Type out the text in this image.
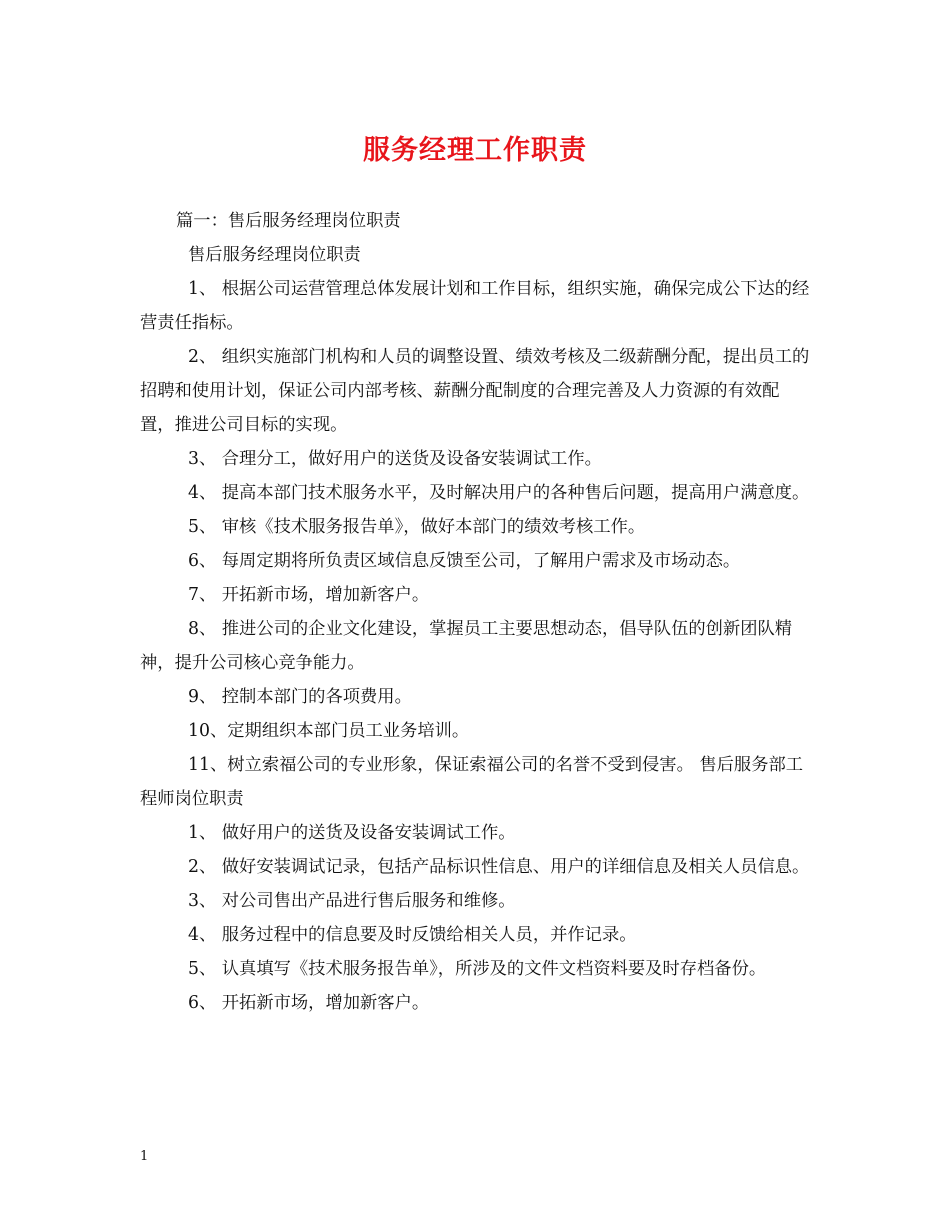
服务经理工作职责

篇一：售后服务经理岗位职责

售后服务经理岗位职责

1、 根据公司运营管理总体发展计划和工作目标，组织实施，确保完成公下达的经营责任指标。

2、 组织实施部门机构和人员的调整设置、绩效考核及二级薪酬分配，提出员工的招聘和使用计划，保证公司内部考核、薪酬分配制度的合理完善及人力资源的有效配置，推进公司目标的实现。

3、 合理分工，做好用户的送货及设备安装调试工作。

4、 提高本部门技术服务水平，及时解决用户的各种售后问题，提高用户满意度。

5、 审核《技术服务报告单》，做好本部门的绩效考核工作。

6、 每周定期将所负责区域信息反馈至公司，了解用户需求及市场动态。

7、 开拓新市场，增加新客户。

8、 推进公司的企业文化建设，掌握员工主要思想动态，倡导队伍的创新团队精神，提升公司核心竞争能力。

9、 控制本部门的各项费用。

10、定期组织本部门员工业务培训。

11、树立索福公司的专业形象，保证索福公司的名誉不受到侵害。 售后服务部工程师岗位职责

1、 做好用户的送货及设备安装调试工作。

2、 做好安装调试记录，包括产品标识性信息、用户的详细信息及相关人员信息。

3、 对公司售出产品进行售后服务和维修。

4、 服务过程中的信息要及时反馈给相关人员，并作记录。

5、 认真填写《技术服务报告单》，所涉及的文件文档资料要及时存档备份。

6、 开拓新市场，增加新客户。

1
